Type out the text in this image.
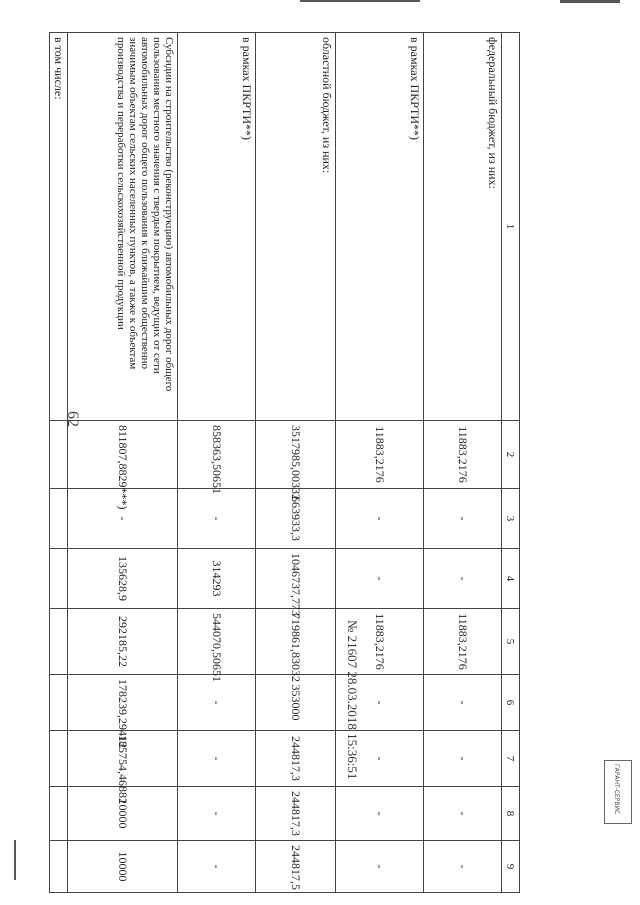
62
1	2	3	4	5	6	7	8	9
федеральный бюджет, из них:	11883,2176	-	-	11883,2176	-	-	-	-
в рамках ПКРТИ**)	11883,2176	-	-	11883,2176	-	-	-	-
областной бюджет, из них:	3517985,00332	663933,3	1046737,773	719861,83032	353000	244817,3	244817,3	244817,5
в рамках ПКРТИ**)	858363,50651	-	314293	544070,50651	-	-	-	-
Субсидии на строительство (реконструкцию) автомобильных дорог общего пользования местного значения с твердым покрытием, ведущих от сети автомобильных дорог общего пользования к ближайшим общественно значимым объектам сельских населенных пунктов, а также к объектам производства и переработки сельскохозяйственной продукции	811807,8829***)	-	135628,9	292185,22	178239,29412	185754,46882	10000	10000
в том числе:								
№ 21607 28.03.2018 15:36:51
ГАРАНТ-СЕРВИС
